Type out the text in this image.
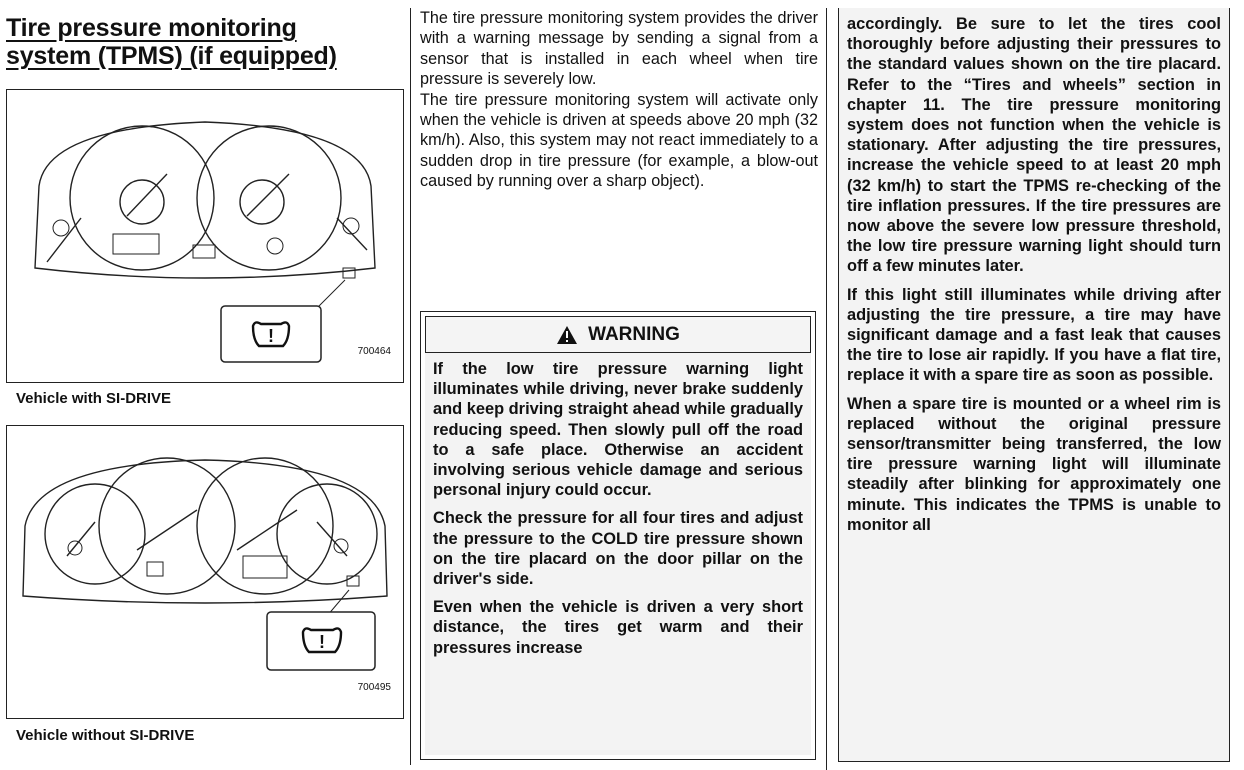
Tire pressure monitoring
system (TPMS) (if equipped)
!
700464
Vehicle with SI-DRIVE
!
700495
Vehicle without SI-DRIVE

The tire pressure monitoring system provides the driver with a warning message by sending a signal from a sensor that is installed in each wheel when tire pressure is severely low.

The tire pressure monitoring system will activate only when the vehicle is driven at speeds above 20 mph (32 km/h). Also, this system may not react immediately to a sudden drop in tire pressure (for example, a blow-out caused by running over a sharp object).

WARNING

If the low tire pressure warning light illuminates while driving, never brake suddenly and keep driving straight ahead while gradually reducing speed. Then slowly pull off the road to a safe place. Otherwise an accident involving serious vehicle damage and serious personal injury could occur.

Check the pressure for all four tires and adjust the pressure to the COLD tire pressure shown on the tire placard on the door pillar on the driver's side.

Even when the vehicle is driven a very short distance, the tires get warm and their pressures increase

accordingly. Be sure to let the tires cool thoroughly before adjusting their pressures to the standard values shown on the tire placard. Refer to the “Tires and wheels” section in chapter 11. The tire pressure monitoring system does not function when the vehicle is stationary. After adjusting the tire pressures, increase the vehicle speed to at least 20 mph (32 km/h) to start the TPMS re-checking of the tire inflation pressures. If the tire pressures are now above the severe low pressure threshold, the low tire pressure warning light should turn off a few minutes later.

If this light still illuminates while driving after adjusting the tire pressure, a tire may have significant damage and a fast leak that causes the tire to lose air rapidly. If you have a flat tire, replace it with a spare tire as soon as possible.

When a spare tire is mounted or a wheel rim is replaced without the original pressure sensor/transmitter being transferred, the low tire pressure warning light will illuminate steadily after blinking for approximately one minute. This indicates the TPMS is unable to monitor all
